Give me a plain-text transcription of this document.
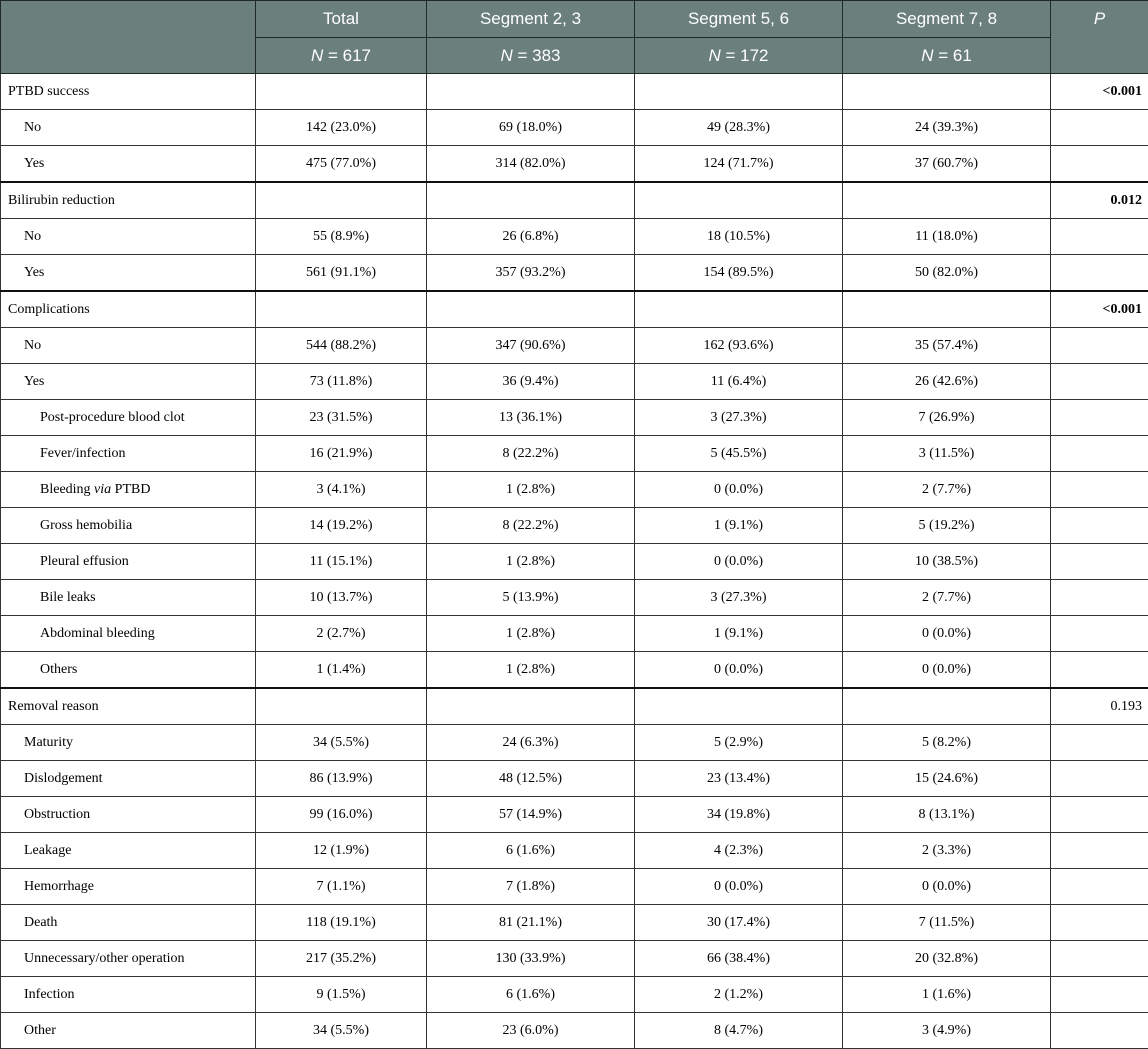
	Total	Segment 2, 3	Segment 5, 6	Segment 7, 8	P
	N = 617	N = 383	N = 172	N = 61	
PTBD success					<0.001
No	142 (23.0%)	69 (18.0%)	49 (28.3%)	24 (39.3%)	
Yes	475 (77.0%)	314 (82.0%)	124 (71.7%)	37 (60.7%)	
Bilirubin reduction					0.012
No	55 (8.9%)	26 (6.8%)	18 (10.5%)	11 (18.0%)	
Yes	561 (91.1%)	357 (93.2%)	154 (89.5%)	50 (82.0%)	
Complications					<0.001
No	544 (88.2%)	347 (90.6%)	162 (93.6%)	35 (57.4%)	
Yes	73 (11.8%)	36 (9.4%)	11 (6.4%)	26 (42.6%)	
Post-procedure blood clot	23 (31.5%)	13 (36.1%)	3 (27.3%)	7 (26.9%)	
Fever/infection	16 (21.9%)	8 (22.2%)	5 (45.5%)	3 (11.5%)	
Bleeding via PTBD	3 (4.1%)	1 (2.8%)	0 (0.0%)	2 (7.7%)	
Gross hemobilia	14 (19.2%)	8 (22.2%)	1 (9.1%)	5 (19.2%)	
Pleural effusion	11 (15.1%)	1 (2.8%)	0 (0.0%)	10 (38.5%)	
Bile leaks	10 (13.7%)	5 (13.9%)	3 (27.3%)	2 (7.7%)	
Abdominal bleeding	2 (2.7%)	1 (2.8%)	1 (9.1%)	0 (0.0%)	
Others	1 (1.4%)	1 (2.8%)	0 (0.0%)	0 (0.0%)	
Removal reason					0.193
Maturity	34 (5.5%)	24 (6.3%)	5 (2.9%)	5 (8.2%)	
Dislodgement	86 (13.9%)	48 (12.5%)	23 (13.4%)	15 (24.6%)	
Obstruction	99 (16.0%)	57 (14.9%)	34 (19.8%)	8 (13.1%)	
Leakage	12 (1.9%)	6 (1.6%)	4 (2.3%)	2 (3.3%)	
Hemorrhage	7 (1.1%)	7 (1.8%)	0 (0.0%)	0 (0.0%)	
Death	118 (19.1%)	81 (21.1%)	30 (17.4%)	7 (11.5%)	
Unnecessary/other operation	217 (35.2%)	130 (33.9%)	66 (38.4%)	20 (32.8%)	
Infection	9 (1.5%)	6 (1.6%)	2 (1.2%)	1 (1.6%)	
Other	34 (5.5%)	23 (6.0%)	8 (4.7%)	3 (4.9%)	
